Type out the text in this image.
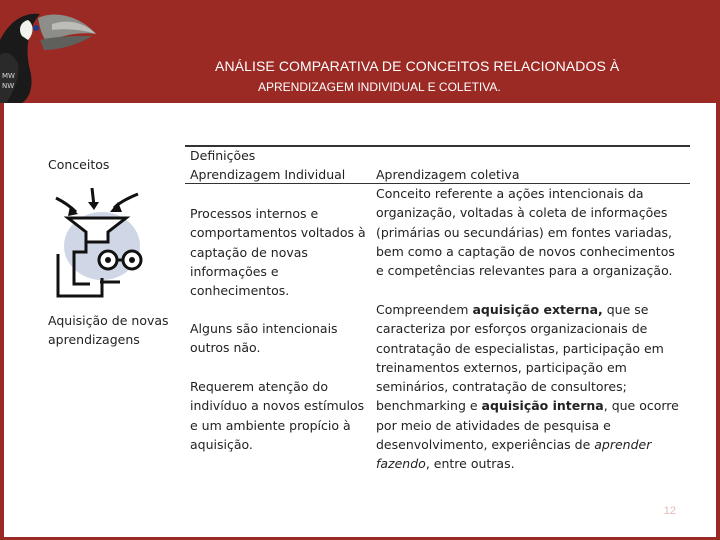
MW
NW
ANÁLISE COMPARATIVA DE CONCEITOS RELACIONADOS À
APRENDIZAGEM INDIVIDUAL E COLETIVA.
Conceitos
Definições
Aprendizagem Individual Aprendizagem coletiva
Aquisição de novas aprendizagens
Processos internos e comportamentos voltados à captação de novas informações e conhecimentos.
Alguns são intencionais outros não.
Requerem atenção do indivíduo a novos estímulos e um ambiente propício à aquisição.
Conceito referente a ações intencionais da organização, voltadas à coleta de informações (primárias ou secundárias) em fontes variadas, bem como a captação de novos conhecimentos e competências relevantes para a organização.
Compreendem aquisição externa, que se caracteriza por esforços organizacionais de contratação de especialistas, participação em treinamentos externos, participação em seminários, contratação de consultores; benchmarking e aquisição interna, que ocorre por meio de atividades de pesquisa e desenvolvimento, experiências de aprender fazendo, entre outras.
12
